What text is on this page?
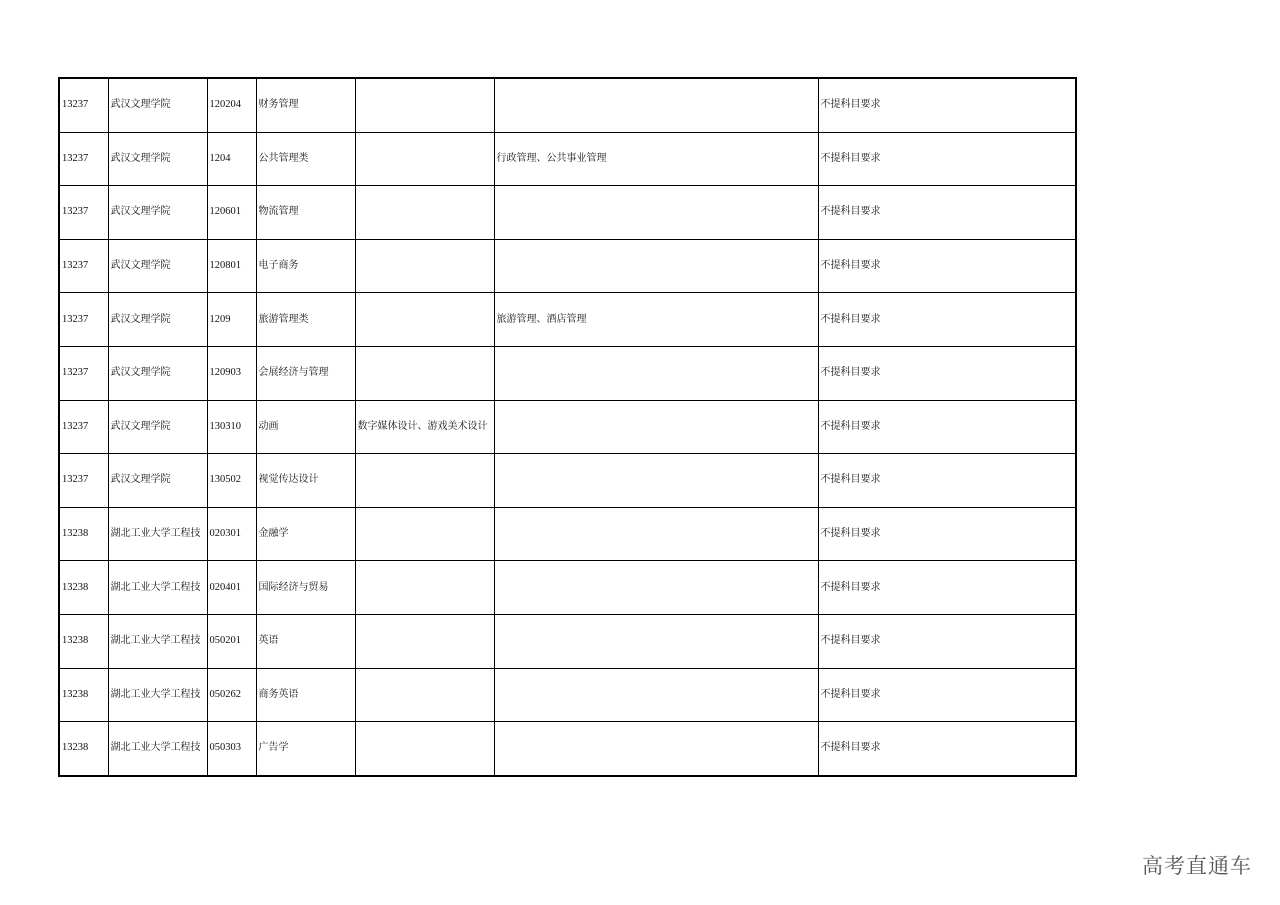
13237	武汉文理学院	120204	财务管理			不提科目要求
13237	武汉文理学院	1204	公共管理类		行政管理、公共事业管理	不提科目要求
13237	武汉文理学院	120601	物流管理			不提科目要求
13237	武汉文理学院	120801	电子商务			不提科目要求
13237	武汉文理学院	1209	旅游管理类		旅游管理、酒店管理	不提科目要求
13237	武汉文理学院	120903	会展经济与管理			不提科目要求
13237	武汉文理学院	130310	动画	数字媒体设计、游戏美术设计		不提科目要求
13237	武汉文理学院	130502	视觉传达设计			不提科目要求
13238	湖北工业大学工程技	020301	金融学			不提科目要求
13238	湖北工业大学工程技	020401	国际经济与贸易			不提科目要求
13238	湖北工业大学工程技	050201	英语			不提科目要求
13238	湖北工业大学工程技	050262	商务英语			不提科目要求
13238	湖北工业大学工程技	050303	广告学			不提科目要求
高考直通车
